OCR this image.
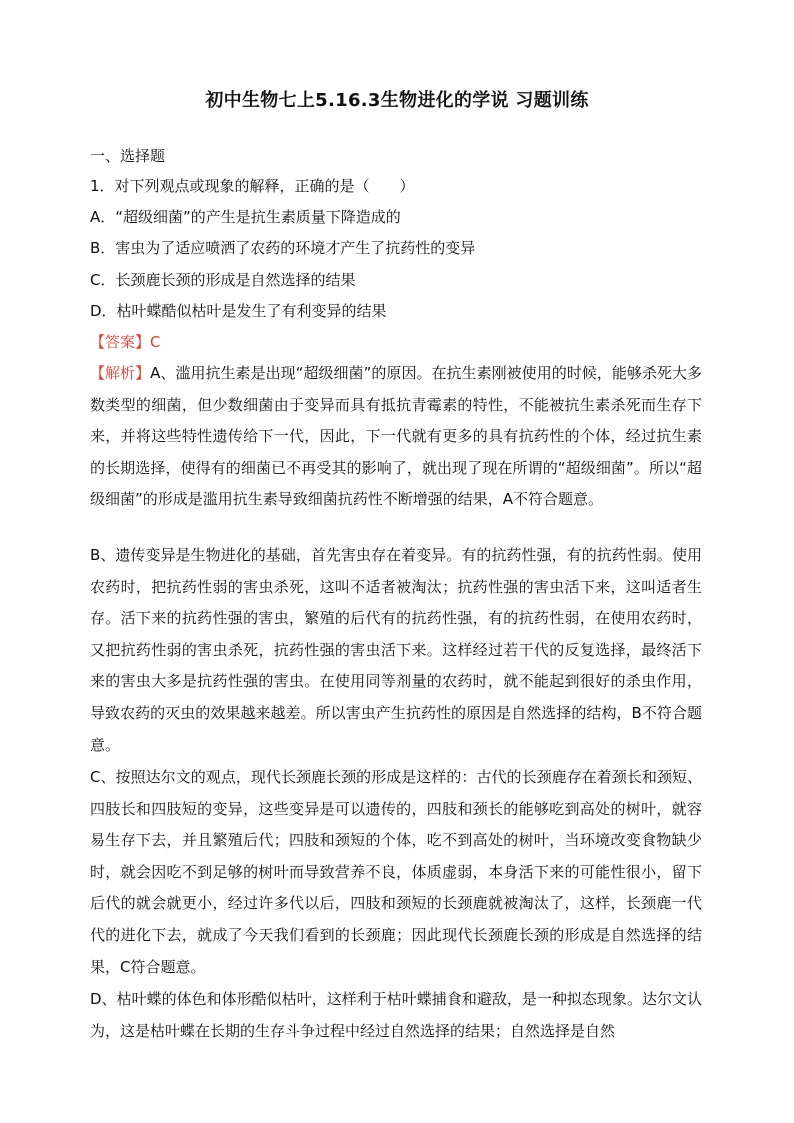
初中生物七上5.16.3生物进化的学说 习题训练
一、选择题
1．对下列观点或现象的解释，正确的是（　　）
A．“超级细菌”的产生是抗生素质量下降造成的
B．害虫为了适应喷洒了农药的环境才产生了抗药性的变异
C．长颈鹿长颈的形成是自然选择的结果
D．枯叶蝶酷似枯叶是发生了有利变异的结果
【答案】C

【解析】A、滥用抗生素是出现“超级细菌”的原因。在抗生素刚被使用的时候，能够杀死大多数类型的细菌，但少数细菌由于变异而具有抵抗青霉素的特性，不能被抗生素杀死而生存下来，并将这些特性遗传给下一代，因此，下一代就有更多的具有抗药性的个体，经过抗生素的长期选择，使得有的细菌已不再受其的影响了，就出现了现在所谓的“超级细菌”。所以“超级细菌”的形成是滥用抗生素导致细菌抗药性不断增强的结果，A不符合题意。

B、遗传变异是生物进化的基础，首先害虫存在着变异。有的抗药性强，有的抗药性弱。使用农药时，把抗药性弱的害虫杀死，这叫不适者被淘汰；抗药性强的害虫活下来，这叫适者生存。活下来的抗药性强的害虫，繁殖的后代有的抗药性强，有的抗药性弱，在使用农药时，又把抗药性弱的害虫杀死，抗药性强的害虫活下来。这样经过若干代的反复选择，最终活下来的害虫大多是抗药性强的害虫。在使用同等剂量的农药时，就不能起到很好的杀虫作用，导致农药的灭虫的效果越来越差。所以害虫产生抗药性的原因是自然选择的结构，B不符合题意。

C、按照达尔文的观点，现代长颈鹿长颈的形成是这样的：古代的长颈鹿存在着颈长和颈短、四肢长和四肢短的变异，这些变异是可以遗传的，四肢和颈长的能够吃到高处的树叶，就容易生存下去，并且繁殖后代；四肢和颈短的个体，吃不到高处的树叶，当环境改变食物缺少时，就会因吃不到足够的树叶而导致营养不良，体质虚弱，本身活下来的可能性很小，留下后代的就会就更小，经过许多代以后，四肢和颈短的长颈鹿就被淘汰了，这样，长颈鹿一代代的进化下去，就成了今天我们看到的长颈鹿；因此现代长颈鹿长颈的形成是自然选择的结果，C符合题意。

D、枯叶蝶的体色和体形酷似枯叶，这样利于枯叶蝶捕食和避敌，是一种拟态现象。达尔文认为，这是枯叶蝶在长期的生存斗争过程中经过自然选择的结果；自然选择是自然
